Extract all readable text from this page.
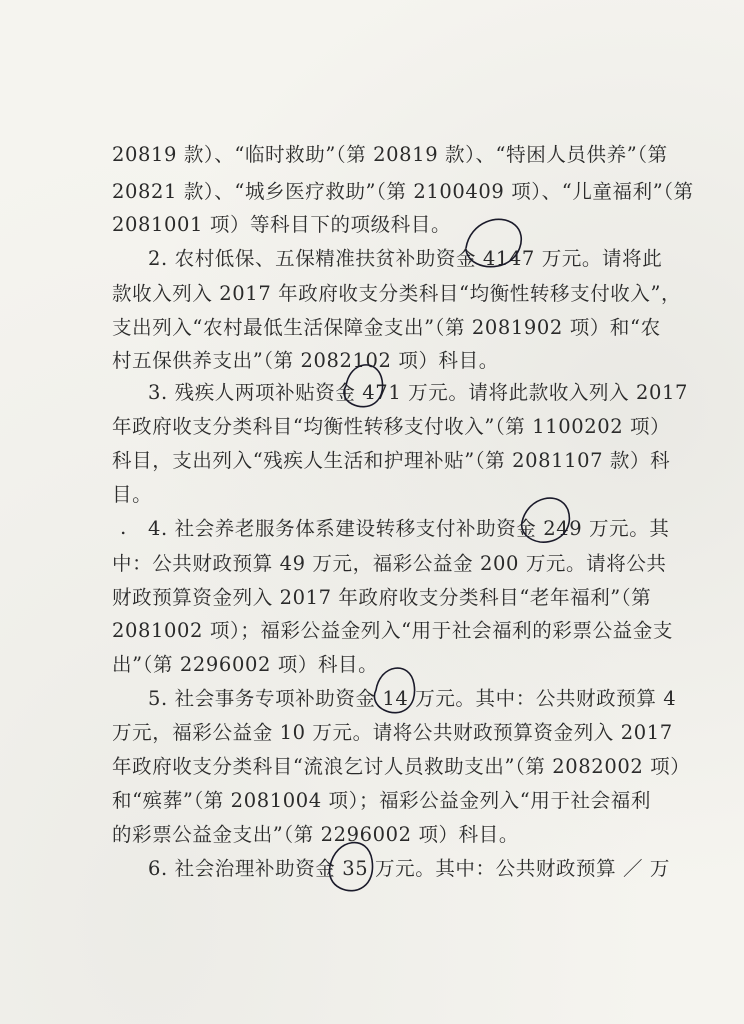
20819 款）、“临时救助”（第 20819 款）、“特困人员供养”（第
20821 款）、“城乡医疗救助”（第 2100409 项）、“儿童福利”（第
2081001 项）等科目下的项级科目。
2. 农村低保、五保精准扶贫补助资金 4147 万元。请将此
款收入列入 2017 年政府收支分类科目“均衡性转移支付收入”，
支出列入“农村最低生活保障金支出”（第 2081902 项）和“农
村五保供养支出”（第 2082102 项）科目。
3. 残疾人两项补贴资金 471 万元。请将此款收入列入 2017
年政府收支分类科目“均衡性转移支付收入”（第 1100202 项）
科目，支出列入“残疾人生活和护理补贴”（第 2081107 款）科
目。
. 4. 社会养老服务体系建设转移支付补助资金 249 万元。其
中：公共财政预算 49 万元，福彩公益金 200 万元。请将公共
财政预算资金列入 2017 年政府收支分类科目“老年福利”（第
2081002 项）；福彩公益金列入“用于社会福利的彩票公益金支
出”（第 2296002 项）科目。
5. 社会事务专项补助资金 14 万元。其中：公共财政预算 4
万元，福彩公益金 10 万元。请将公共财政预算资金列入 2017
年政府收支分类科目“流浪乞讨人员救助支出”（第 2082002 项）
和“殡葬”（第 2081004 项）；福彩公益金列入“用于社会福利
的彩票公益金支出”（第 2296002 项）科目。
6. 社会治理补助资金 35 万元。其中：公共财政预算 ／ 万
